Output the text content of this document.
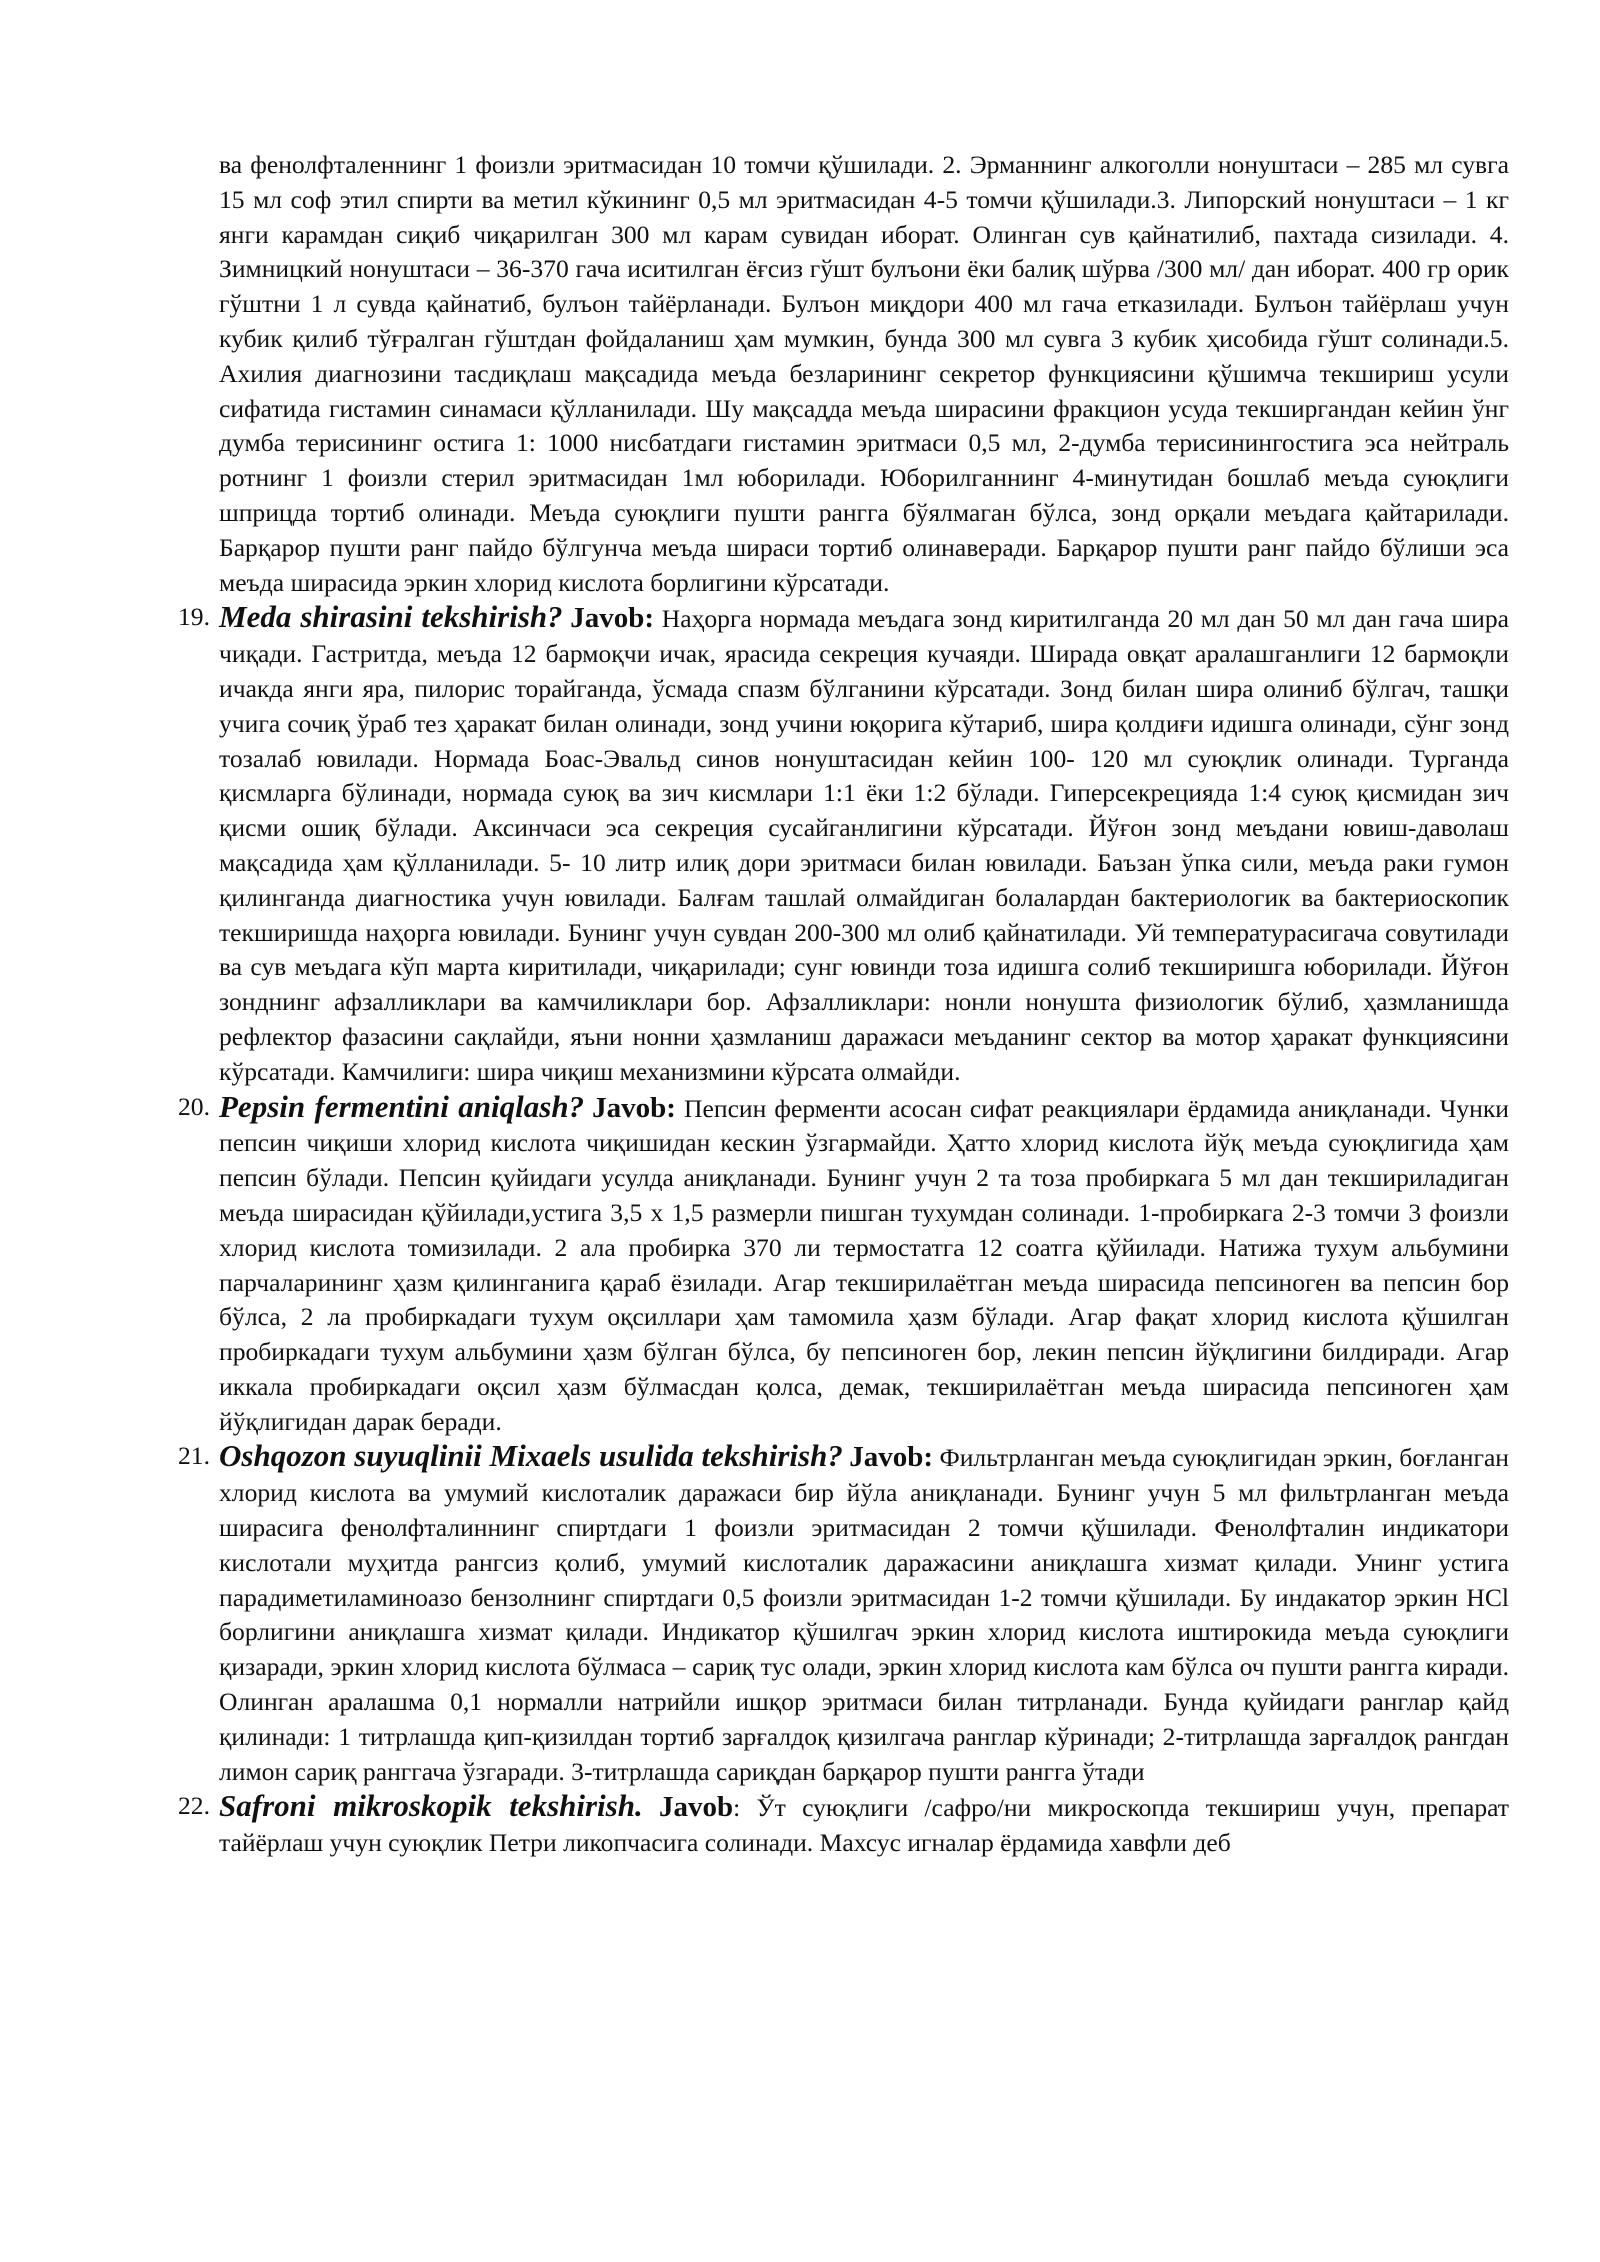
ва фенолфталеннинг 1 фоизли эритмасидан 10 томчи қўшилади. 2. Эрманнинг алкоголли нонуштаси – 285 мл сувга 15 мл соф этил спирти ва метил кўкининг 0,5 мл эритмасидан 4-5 томчи қўшилади.3. Липорский нонуштаси – 1 кг янги карамдан сиқиб чиқарилган 300 мл карам сувидан иборат. Олинган сув қайнатилиб, пахтада сизилади. 4. Зимницкий нонуштаси – 36-370 гача иситилган ёғсиз гўшт булъони ёки балиқ шўрва /300 мл/ дан иборат. 400 гр орик гўштни 1 л сувда қайнатиб, булъон тайёрланади. Булъон миқдори 400 мл гача етказилади. Булъон тайёрлаш учун кубик қилиб тўғралган гўштдан фойдаланиш ҳам мумкин, бунда 300 мл сувга 3 кубик ҳисобида гўшт солинади.5. Ахилия диагнозини тасдиқлаш мақсадида меъда безларининг секретор функциясини қўшимча текшириш усули сифатида гистамин синамаси қўлланилади. Шу мақсадда меъда ширасини фракцион усуда текширгандан кейин ўнг думба терисининг остига 1: 1000 нисбатдаги гистамин эритмаси 0,5 мл, 2-думба терисинингостига эса нейтраль ротнинг 1 фоизли стерил эритмасидан 1мл юборилади. Юборилганнинг 4-минутидан бошлаб меъда суюқлиги шприцда тортиб олинади. Меъда суюқлиги пушти рангга бўялмаган бўлса, зонд орқали меъдага қайтарилади. Барқарор пушти ранг пайдо бўлгунча меъда шираси тортиб олинаверади. Барқарор пушти ранг пайдо бўлиши эса меъда ширасида эркин хлорид кислота борлигини кўрсатади.

19. Meda shirasini tekshirish? Javob: Наҳорга нормада меъдага зонд киритилганда 20 мл дан 50 мл дан гача шира чиқади. Гастритда, меъда 12 бармоқчи ичак, ярасида секреция кучаяди. Ширада овқат аралашганлиги 12 бармоқли ичакда янги яра, пилорис торайганда, ўсмада спазм бўлганини кўрсатади. Зонд билан шира олиниб бўлгач, ташқи учига сочиқ ўраб тез ҳаракат билан олинади, зонд учини юқорига кўтариб, шира қолдиғи идишга олинади, сўнг зонд тозалаб ювилади. Нормада Боас-Эвальд синов нонуштасидан кейин 100- 120 мл суюқлик олинади. Турганда қисмларга бўлинади, нормада суюқ ва зич кисмлари 1:1 ёки 1:2 бўлади. Гиперсекрецияда 1:4 суюқ қисмидан зич қисми ошиқ бўлади. Аксинчаси эса секреция сусайганлигини кўрсатади. Йўғон зонд меъдани ювиш-даволаш мақсадида ҳам қўлланилади. 5- 10 литр илиқ дори эритмаси билан ювилади. Баъзан ўпка сили, меъда раки гумон қилинганда диагностика учун ювилади. Балғам ташлай олмайдиган болалардан бактериологик ва бактериоскопик текширишда наҳорга ювилади. Бунинг учун сувдан 200-300 мл олиб қайнатилади. Уй температурасигача совутилади ва сув меъдага кўп марта киритилади, чиқарилади; сунг ювинди тоза идишга солиб текширишга юборилади. Йўғон зонднинг афзалликлари ва камчиликлари бор. Афзалликлари: нонли нонушта физиологик бўлиб, ҳазмланишда рефлектор фазасини сақлайди, яъни нонни ҳазмланиш даражаси меъданинг сектор ва мотор ҳаракат функциясини кўрсатади. Камчилиги: шира чиқиш механизмини кўрсата олмайди.

20. Pepsin fermentini aniqlash? Javob: Пепсин ферменти асосан сифат реакциялари ёрдамида аниқланади. Чунки пепсин чиқиши хлорид кислота чиқишидан кескин ўзгармайди. Ҳатто хлорид кислота йўқ меъда суюқлигида ҳам пепсин бўлади. Пепсин қуйидаги усулда аниқланади. Бунинг учун 2 та тоза пробиркага 5 мл дан текшириладиган меъда ширасидан қўйилади,устига 3,5 х 1,5 размерли пишган тухумдан солинади. 1-пробиркага 2-3 томчи 3 фоизли хлорид кислота томизилади. 2 ала пробирка 370 ли термостатга 12 соатга қўйилади. Натижа тухум альбумини парчаларининг ҳазм қилинганига қараб ёзилади. Агар текширилаётган меъда ширасида пепсиноген ва пепсин бор бўлса, 2 ла пробиркадаги тухум оқсиллари ҳам тамомила ҳазм бўлади. Агар фақат хлорид кислота қўшилган пробиркадаги тухум альбумини ҳазм бўлган бўлса, бу пепсиноген бор, лекин пепсин йўқлигини билдиради. Агар иккала пробиркадаги оқсил ҳазм бўлмасдан қолса, демак, текширилаётган меъда ширасида пепсиноген ҳам йўқлигидан дарак беради.

21. Oshqozon suyuqlinii Mixaels usulida tekshirish? Javob: Фильтрланган меъда суюқлигидан эркин, боғланган хлорид кислота ва умумий кислоталик даражаси бир йўла аниқланади. Бунинг учун 5 мл фильтрланган меъда ширасига фенолфталиннинг спиртдаги 1 фоизли эритмасидан 2 томчи қўшилади. Фенолфталин индикатори кислотали муҳитда рангсиз қолиб, умумий кислоталик даражасини аниқлашга хизмат қилади. Унинг устига парадиметиламиноазо бензолнинг спиртдаги 0,5 фоизли эритмасидан 1-2 томчи қўшилади. Бу индакатор эркин НCl борлигини аниқлашга хизмат қилади. Индикатор қўшилгач эркин хлорид кислота иштирокида меъда суюқлиги қизаради, эркин хлорид кислота бўлмаса – сариқ тус олади, эркин хлорид кислота кам бўлса оч пушти рангга киради. Олинган аралашма 0,1 нормалли натрийли ишқор эритмаси билан титрланади. Бунда қуйидаги ранглар қайд қилинади: 1 титрлашда қип-қизилдан тортиб зарғалдоқ қизилгача ранглар кўринади; 2-титрлашда зарғалдоқ рангдан лимон сариқ ранггача ўзгаради. 3-титрлашда сариқдан барқарор пушти рангга ўтади

22. Safroni mikroskopik tekshirish. Javob: Ўт суюқлиги /сафро/ни микроскопда текшириш учун, препарат тайёрлаш учун суюқлик Петри ликопчасига солинади. Махсус игналар ёрдамида хавфли деб
